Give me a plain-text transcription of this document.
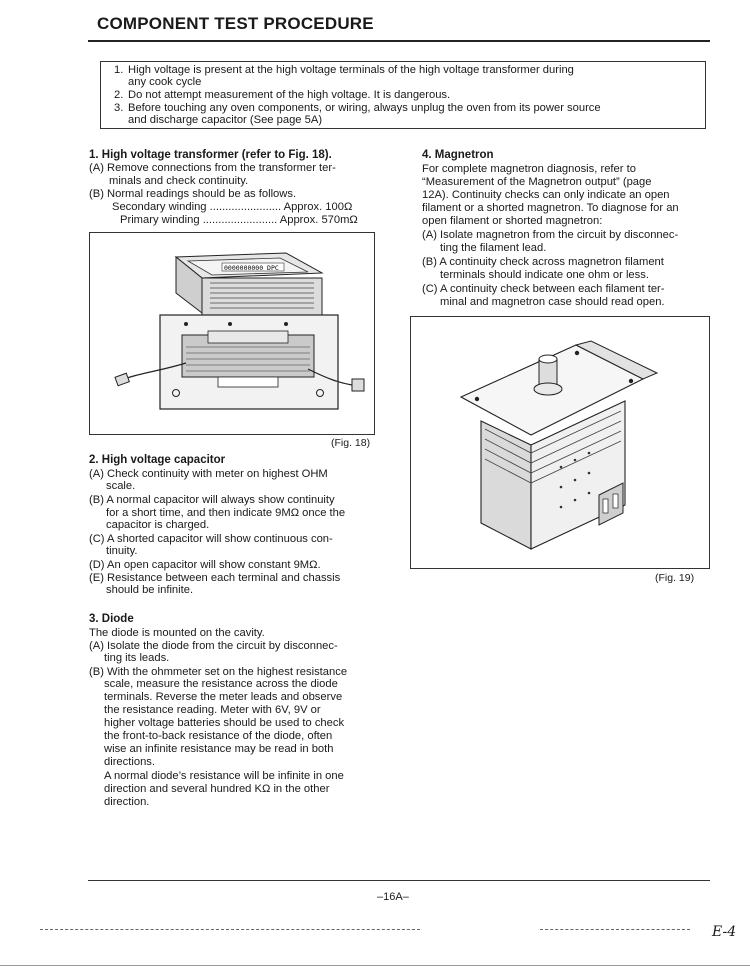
COMPONENT TEST PROCEDURE
1. High voltage is present at the high voltage terminals of the high voltage transformer during
any cook cycle
2. Do not attempt measurement of the high voltage. It is dangerous.
3. Before touching any oven components, or wiring, always unplug the oven from its power source
and discharge capacitor (See page 5A)
1. High voltage transformer (refer to Fig. 18).
(A) Remove connections from the transformer ter-
minals and check continuity.
(B) Normal readings should be as follows.
Secondary winding ....................... Approx. 100Ω
Primary winding ........................ Approx. 570mΩ
0000000000 DPC
(Fig. 18)
2. High voltage capacitor
(A) Check continuity with meter on highest OHM
scale.
(B) A normal capacitor will always show continuity
for a short time, and then indicate 9MΩ once the
capacitor is charged.
(C) A shorted capacitor will show continuous con-
tinuity.
(D) An open capacitor will show constant 9MΩ.
(E) Resistance between each terminal and chassis
should be infinite.
3. Diode
The diode is mounted on the cavity.
(A) Isolate the diode from the circuit by disconnec-
ting its leads.
(B) With the ohmmeter set on the highest resistance
scale, measure the resistance across the diode
terminals. Reverse the meter leads and observe
the resistance reading. Meter with 6V, 9V or
higher voltage batteries should be used to check
the front-to-back resistance of the diode, often
wise an infinite resistance may be read in both
directions.
A normal diode’s resistance will be infinite in one
direction and several hundred KΩ in the other
direction.
4. Magnetron
For complete magnetron diagnosis, refer to
“Measurement of the Magnetron output” (page
12A). Continuity checks can only indicate an open
filament or a shorted magnetron. To diagnose for an
open filament or shorted magnetron:
(A) Isolate magnetron from the circuit by disconnec-
ting the filament lead.
(B) A continuity check across magnetron filament
terminals should indicate one ohm or less.
(C) A continuity check between each filament ter-
minal and magnetron case should read open.
(Fig. 19)
–16A–
E-4
